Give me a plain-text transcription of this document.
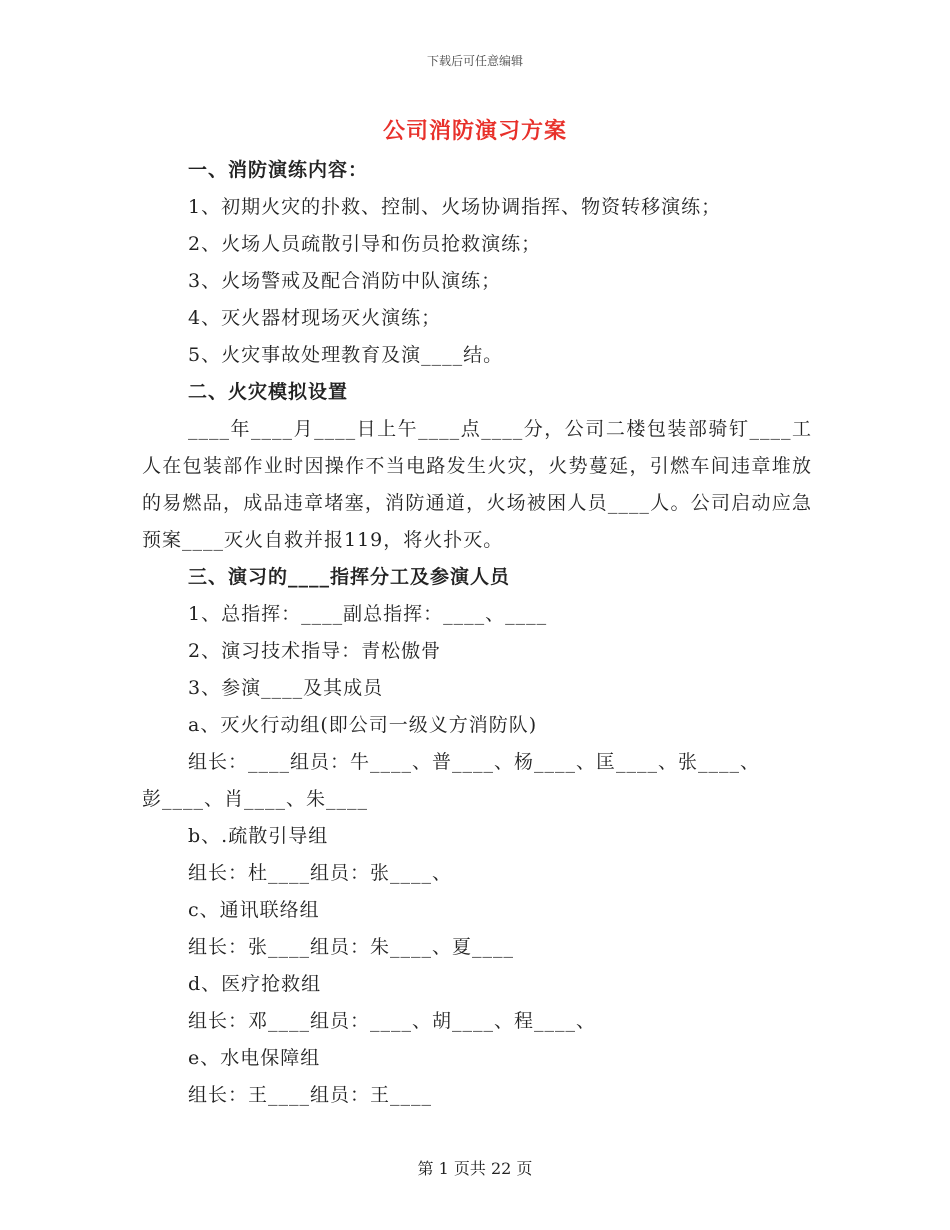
下载后可任意编辑
公司消防演习方案
一、消防演练内容：
1、初期火灾的扑救、控制、火场协调指挥、物资转移演练；
2、火场人员疏散引导和伤员抢救演练；
3、火场警戒及配合消防中队演练；
4、灭火器材现场灭火演练；
5、火灾事故处理教育及演____结。
二、火灾模拟设置
____年____月____日上午____点____分，公司二楼包装部骑钉____工人在包装部作业时因操作不当电路发生火灾，火势蔓延，引燃车间违章堆放的易燃品，成品违章堵塞，消防通道，火场被困人员____人。公司启动应急预案____灭火自救并报119，将火扑灭。
三、演习的____指挥分工及参演人员
1、总指挥：____副总指挥：____、____
2、演习技术指导：青松傲骨
3、参演____及其成员
a、灭火行动组(即公司一级义方消防队)
组长：____组员：牛____、普____、杨____、匡____、张____、
彭____、肖____、朱____
b、.疏散引导组
组长：杜____组员：张____、
c、通讯联络组
组长：张____组员：朱____、夏____
d、医疗抢救组
组长：邓____组员：____、胡____、程____、
e、水电保障组
组长：王____组员：王____
第 1 页共 22 页
